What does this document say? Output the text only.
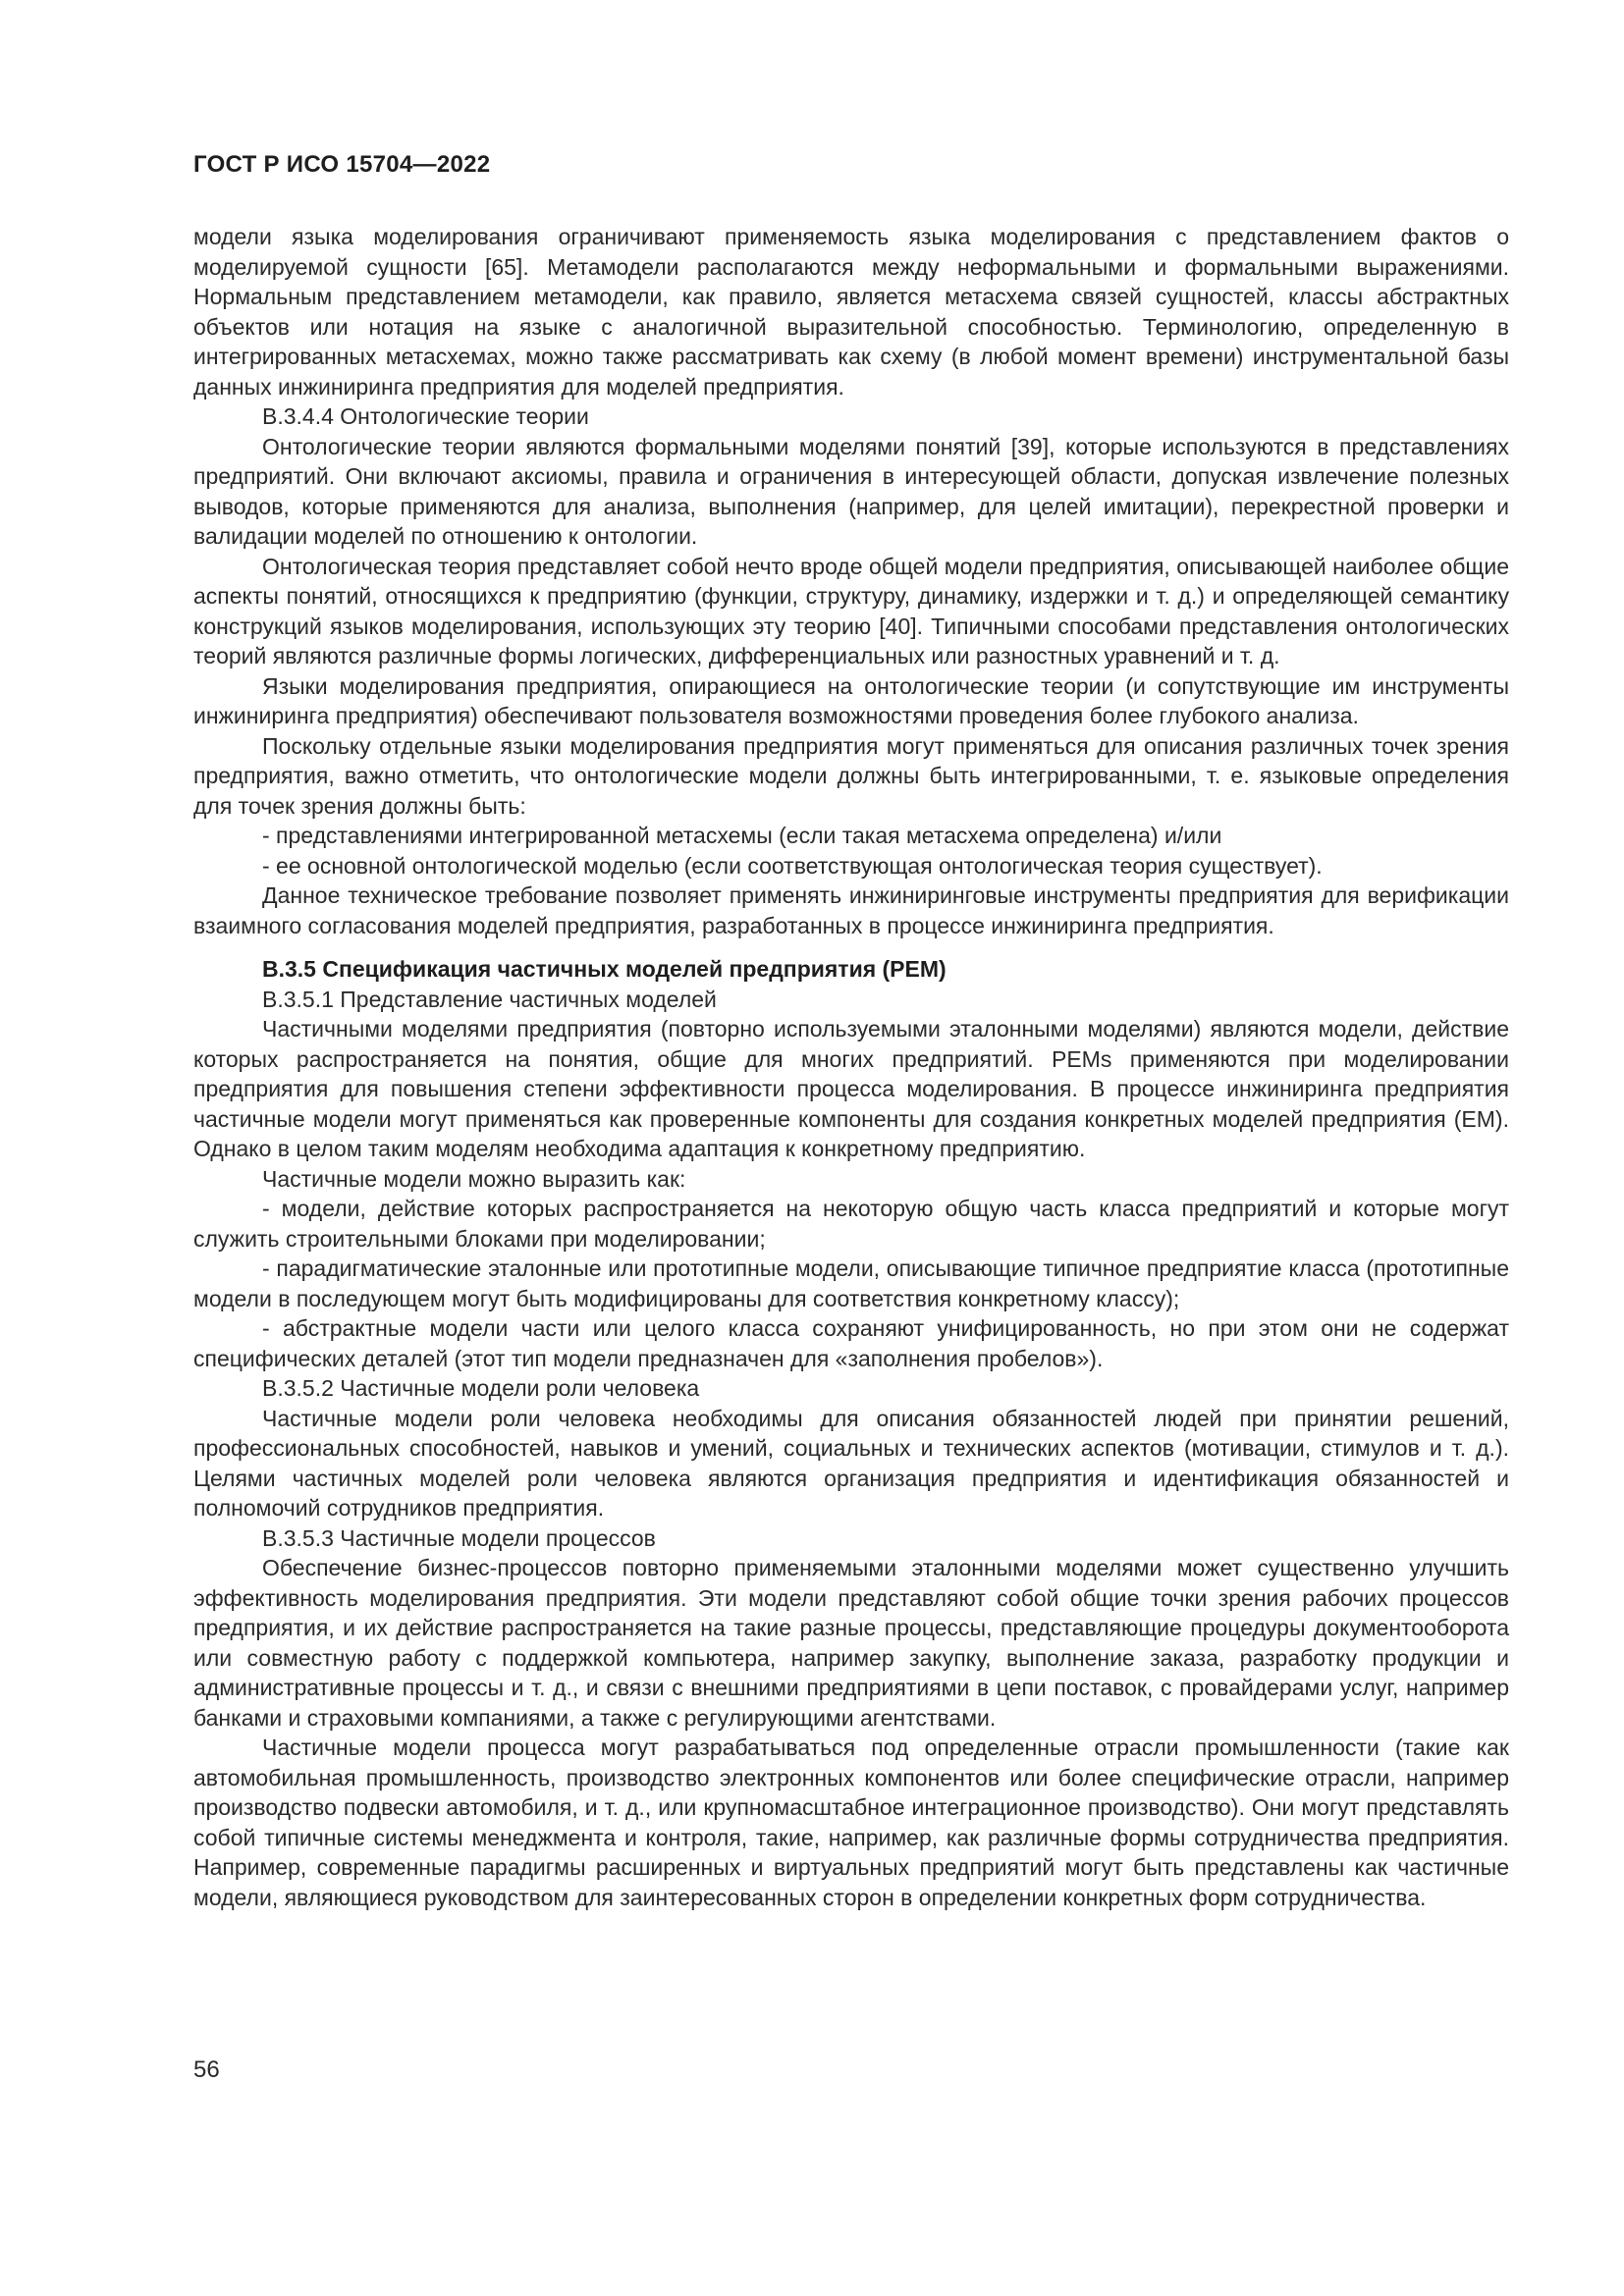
ГОСТ Р ИСО 15704—2022

модели языка моделирования ограничивают применяемость языка моделирования с представлением фактов о моделируемой сущности [65]. Метамодели располагаются между неформальными и формальными выражениями. Нормальным представлением метамодели, как правило, является метасхема связей сущностей, классы абстрактных объектов или нотация на языке с аналогичной выразительной способностью. Терминологию, определенную в интегрированных метасхемах, можно также рассматривать как схему (в любой момент времени) инструментальной базы данных инжиниринга предприятия для моделей предприятия.

В.3.4.4 Онтологические теории

Онтологические теории являются формальными моделями понятий [39], которые используются в представлениях предприятий. Они включают аксиомы, правила и ограничения в интересующей области, допуская извлечение полезных выводов, которые применяются для анализа, выполнения (например, для целей имитации), перекрестной проверки и валидации моделей по отношению к онтологии.

Онтологическая теория представляет собой нечто вроде общей модели предприятия, описывающей наиболее общие аспекты понятий, относящихся к предприятию (функции, структуру, динамику, издержки и т. д.) и определяющей семантику конструкций языков моделирования, использующих эту теорию [40]. Типичными способами представления онтологических теорий являются различные формы логических, дифференциальных или разностных уравнений и т. д.

Языки моделирования предприятия, опирающиеся на онтологические теории (и сопутствующие им инструменты инжиниринга предприятия) обеспечивают пользователя возможностями проведения более глубокого анализа.

Поскольку отдельные языки моделирования предприятия могут применяться для описания различных точек зрения предприятия, важно отметить, что онтологические модели должны быть интегрированными, т. е. языковые определения для точек зрения должны быть:

- представлениями интегрированной метасхемы (если такая метасхема определена) и/или

- ее основной онтологической моделью (если соответствующая онтологическая теория существует).

Данное техническое требование позволяет применять инжиниринговые инструменты предприятия для верификации взаимного согласования моделей предприятия, разработанных в процессе инжиниринга предприятия.

В.3.5 Спецификация частичных моделей предприятия (PEM)

В.3.5.1 Представление частичных моделей

Частичными моделями предприятия (повторно используемыми эталонными моделями) являются модели, действие которых распространяется на понятия, общие для многих предприятий. PEMs применяются при моделировании предприятия для повышения степени эффективности процесса моделирования. В процессе инжиниринга предприятия частичные модели могут применяться как проверенные компоненты для создания конкретных моделей предприятия (EM). Однако в целом таким моделям необходима адаптация к конкретному предприятию.

Частичные модели можно выразить как:

- модели, действие которых распространяется на некоторую общую часть класса предприятий и которые могут служить строительными блоками при моделировании;

- парадигматические эталонные или прототипные модели, описывающие типичное предприятие класса (прототипные модели в последующем могут быть модифицированы для соответствия конкретному классу);

- абстрактные модели части или целого класса сохраняют унифицированность, но при этом они не содержат специфических деталей (этот тип модели предназначен для «заполнения пробелов»).

В.3.5.2 Частичные модели роли человека

Частичные модели роли человека необходимы для описания обязанностей людей при принятии решений, профессиональных способностей, навыков и умений, социальных и технических аспектов (мотивации, стимулов и т. д.). Целями частичных моделей роли человека являются организация предприятия и идентификация обязанностей и полномочий сотрудников предприятия.

В.3.5.3 Частичные модели процессов

Обеспечение бизнес-процессов повторно применяемыми эталонными моделями может существенно улучшить эффективность моделирования предприятия. Эти модели представляют собой общие точки зрения рабочих процессов предприятия, и их действие распространяется на такие разные процессы, представляющие процедуры документооборота или совместную работу с поддержкой компьютера, например закупку, выполнение заказа, разработку продукции и административные процессы и т. д., и связи с внешними предприятиями в цепи поставок, с провайдерами услуг, например банками и страховыми компаниями, а также с регулирующими агентствами.

Частичные модели процесса могут разрабатываться под определенные отрасли промышленности (такие как автомобильная промышленность, производство электронных компонентов или более специфические отрасли, например производство подвески автомобиля, и т. д., или крупномасштабное интеграционное производство). Они могут представлять собой типичные системы менеджмента и контроля, такие, например, как различные формы сотрудничества предприятия. Например, современные парадигмы расширенных и виртуальных предприятий могут быть представлены как частичные модели, являющиеся руководством для заинтересованных сторон в определении конкретных форм сотрудничества.

56
